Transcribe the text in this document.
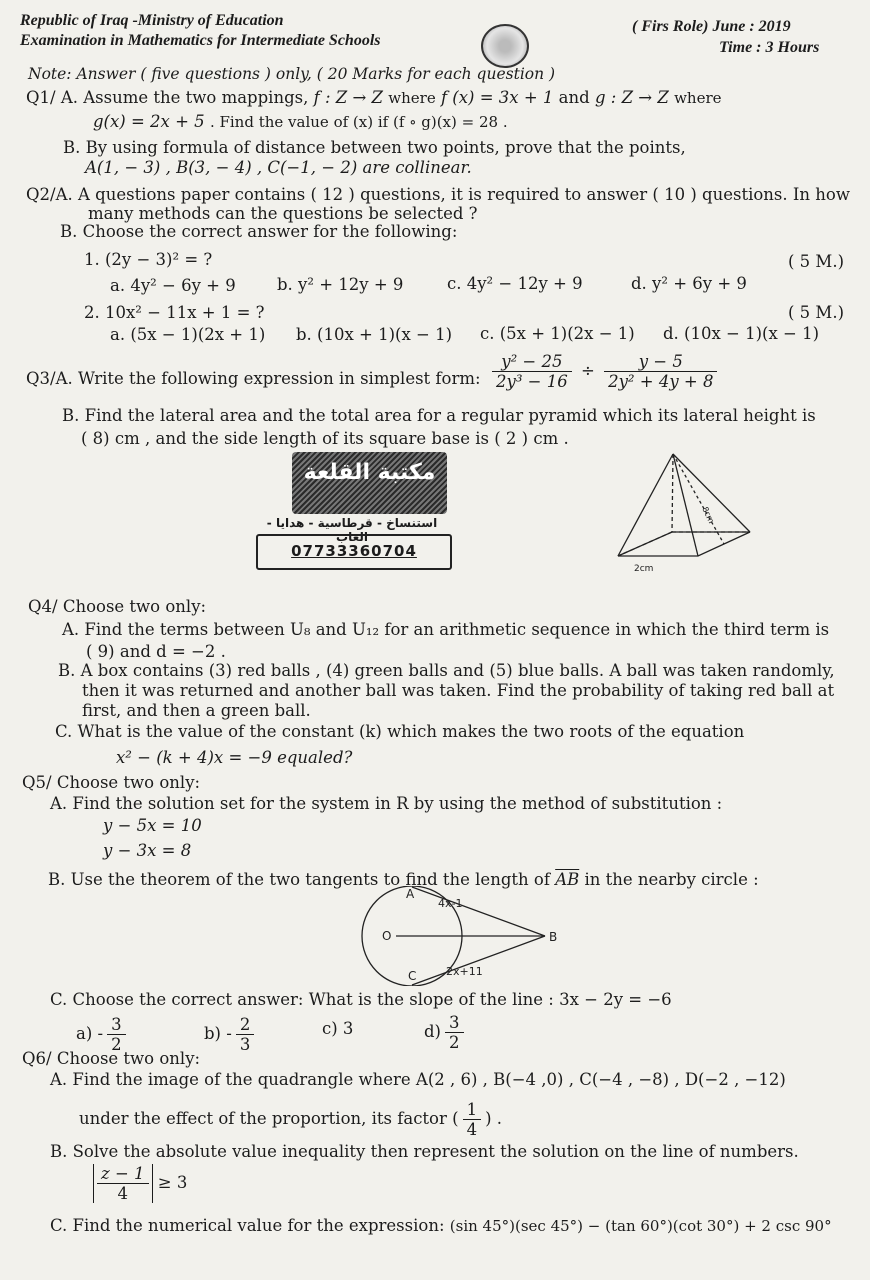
Republic of Iraq -Ministry of Education
Examination in Mathematics for Intermediate Schools
( Firs Role) June : 2019
Time : 3 Hours
Note: Answer ( five questions ) only, ( 20 Marks for each question )
Q1/ A. Assume the two mappings, f : Z → Z where f (x) = 3x + 1 and g : Z → Z where
g(x) = 2x + 5 . Find the value of (x) if (f ∘ g)(x) = 28 .
B. By using formula of distance between two points, prove that the points,
A(1, − 3) , B(3, − 4) , C(−1, − 2) are collinear.
Q2/A. A questions paper contains ( 12 ) questions, it is required to answer ( 10 ) questions. In how
many methods can the questions be selected ?
B. Choose the correct answer for the following:
1. (2y − 3)² = ?	( 5 M.)
a. 4y² − 6y + 9	b. y² + 12y + 9	c. 4y² − 12y + 9	d. y² + 6y + 9
2. 10x² − 11x + 1 = ?	( 5 M.)
a. (5x − 1)(2x + 1) b. (10x + 1)(x − 1) c. (5x + 1)(2x − 1) d. (10x − 1)(x − 1)
Q3/A. Write the following expression in simplest form: $\frac{\text{y² − 25}}{\text{2y³ − 16}} \div \frac{y - 5}{\text{2y² + 4y + 8}}$
B. Find the lateral area and the total area for a regular pyramid which its lateral height is
( 8) cm , and the side length of its square base is ( 2 ) cm .
2cm
8cm
مكتبة القلعة
استنساخ - قرطاسية - هدايا - العاب
07733360704
Q4/ Choose two only:
A. Find the terms between U₈ and U₁₂ for an arithmetic sequence in which the third term is
( 9) and d = −2 .
B. A box contains (3) red balls , (4) green balls and (5) blue balls. A ball was taken randomly,
then it was returned and another ball was taken. Find the probability of taking red ball at
first, and then a green ball.
C. What is the value of the constant (k) which makes the two roots of the equation
x² − (k + 4)x = −9 equaled?
Q5/ Choose two only:
A. Find the solution set for the system in R by using the method of substitution :
y − 5x = 10
y − 3x = 8
B. Use the theorem of the two tangents to find the length of $\overline{AB}$ in the nearby circle :
A
O	B
C
4x-1
2x+11
C. Choose the correct answer: What is the slope of the line : 3x − 2y = −6
$a) - \frac{3}{2}$	$b) - \frac{2}{3}$	c) 3	$d) \frac{3}{2}$
Q6/ Choose two only:
A. Find the image of the quadrangle where A(2 , 6) , B(−4 ,0) , C(−4 , −8) , D(−2 , −12)
under the effect of the proportion, its factor ( $\frac{1}{4}$ ) .
B. Solve the absolute value inequality then represent the solution on the line of numbers.
$\frac{z - 1}{4} \ge 3$
C. Find the numerical value for the expression: (sin 45°)(sec 45°) − (tan 60°)(cot 30°) + 2 csc 90°
